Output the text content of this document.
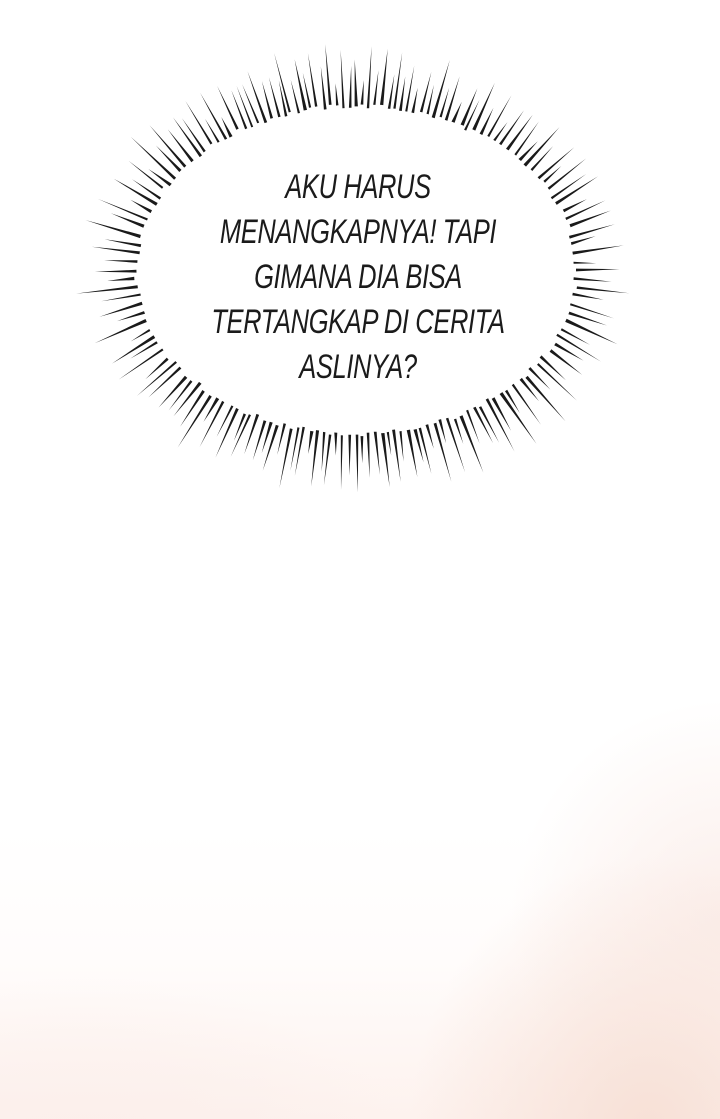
AKU HARUS
MENANGKAPNYA! TAPI
GIMANA DIA BISA
TERTANGKAP DI CERITA
ASLINYA?
